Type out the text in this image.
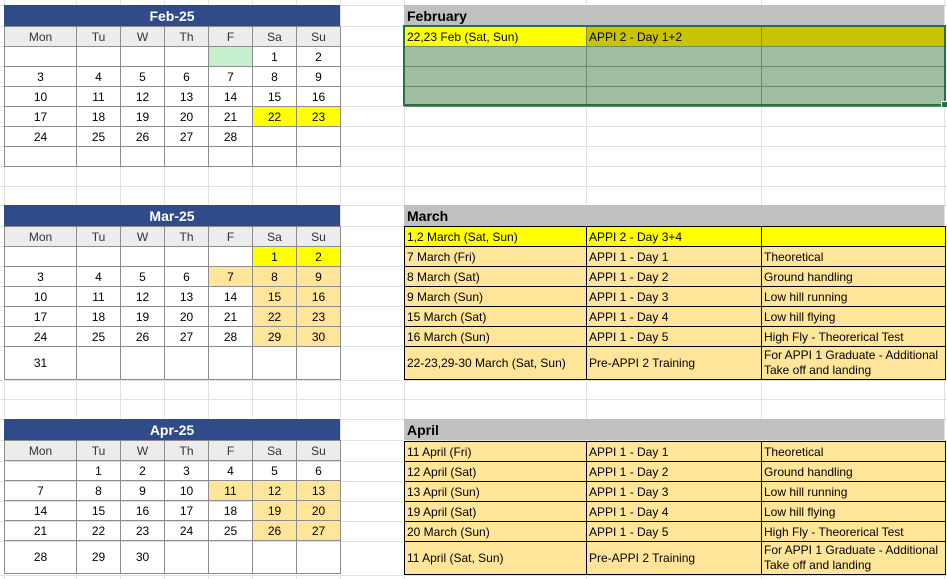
Feb-25
Mon	Tu	W	Th	F	Sa	Su
					1	2
3	4	5	6	7	8	9
10	11	12	13	14	15	16
17	18	19	20	21	22	23
24	25	26	27	28		

Mar-25
Mon	Tu	W	Th	F	Sa	Su
					1	2
3	4	5	6	7	8	9
10	11	12	13	14	15	16
17	18	19	20	21	22	23
24	25	26	27	28	29	30
31						
Apr-25
Mon	Tu	W	Th	F	Sa	Su
	1	2	3	4	5	6
7	8	9	10	11	12	13
14	15	16	17	18	19	20
21	22	23	24	25	26	27
28	29	30				
February
22,23 Feb (Sat, Sun)	APPI 2 - Day 1+2	

March
1,2 March (Sat, Sun)	APPI 2 - Day 3+4	
7 March (Fri)	APPI 1 - Day 1	Theoretical
8 March (Sat)	APPI 1 - Day 2	Ground handling
9 March (Sun)	APPI 1 - Day 3	Low hill running
15 March (Sat)	APPI 1 - Day 4	Low hill flying
16 March (Sun)	APPI 1 - Day 5	High Fly - Theorerical Test
22-23,29-30 March (Sat, Sun)	Pre-APPI 2 Training	For APPI 1 Graduate - Additional Take off and landing
April
11 April (Fri)	APPI 1 - Day 1	Theoretical
12 April (Sat)	APPI 1 - Day 2	Ground handling
13 April (Sun)	APPI 1 - Day 3	Low hill running
19 April (Sat)	APPI 1 - Day 4	Low hill flying
20 March (Sun)	APPI 1 - Day 5	High Fly - Theorerical Test
11 April (Sat, Sun)	Pre-APPI 2 Training	For APPI 1 Graduate - Additional Take off and landing
